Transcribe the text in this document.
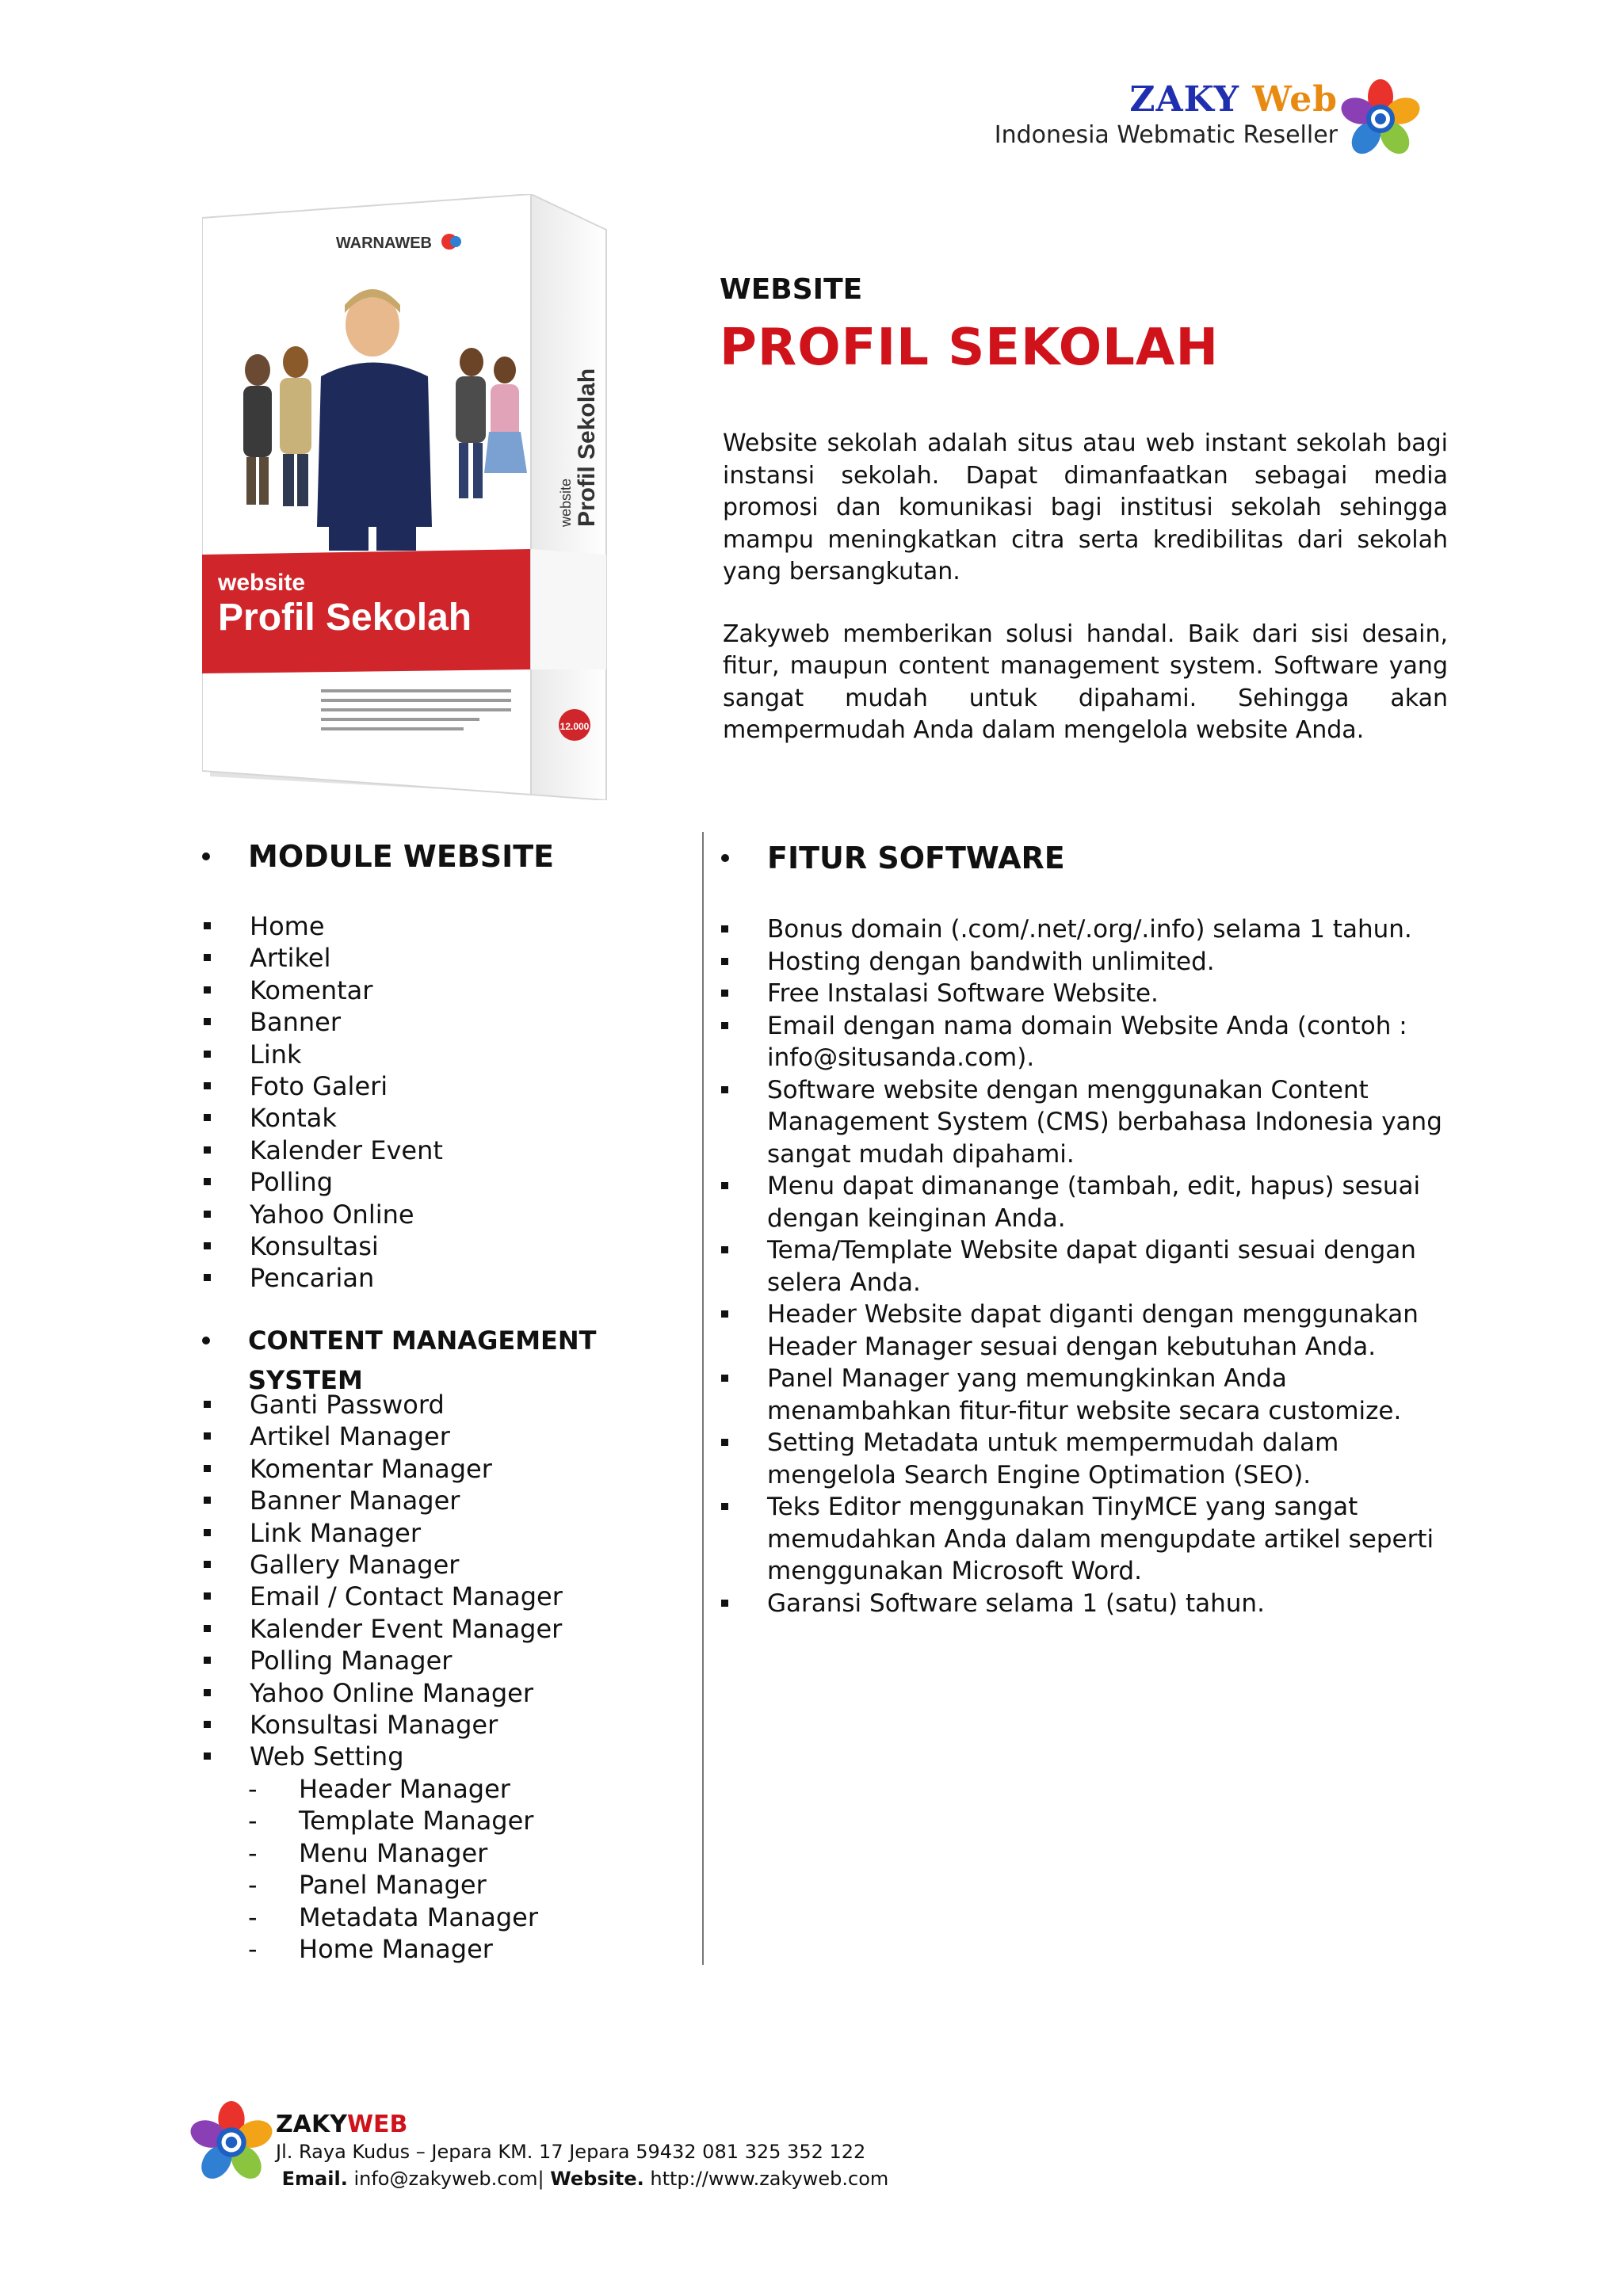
ZAKY Web
Indonesia Webmatic Reseller
WARNAWEB
website
Profil Sekolah
website Profil Sekolah
12.000
WEBSITE
PROFIL SEKOLAH

Website sekolah adalah situs atau web instant sekolah bagi instansi sekolah. Dapat dimanfaatkan sebagai media promosi dan komunikasi bagi institusi sekolah sehingga mampu meningkatkan citra serta kredibilitas dari sekolah yang bersangkutan.

Zakyweb memberikan solusi handal. Baik dari sisi desain, fitur, maupun content management system. Software yang sangat mudah untuk dipahami. Sehingga akan mempermudah Anda dalam mengelola website Anda.

MODULE WEBSITE
Home
Artikel
Komentar
Banner
Link
Foto Galeri
Kontak
Kalender Event
Polling
Yahoo Online
Konsultasi
Pencarian
CONTENT MANAGEMENT SYSTEM
Ganti Password
Artikel Manager
Komentar Manager
Banner Manager
Link Manager
Gallery Manager
Email / Contact Manager
Kalender Event Manager
Polling Manager
Yahoo Online Manager
Konsultasi Manager
Web Setting
- Header Manager
- Template Manager
- Menu Manager
- Panel Manager
- Metadata Manager
- Home Manager
FITUR SOFTWARE
Bonus domain (.com/.net/.org/.info) selama 1 tahun.
Hosting dengan bandwith unlimited.
Free Instalasi Software Website.
Email dengan nama domain Website Anda (contoh :
info@situsanda.com).
Software website dengan menggunakan Content
Management System (CMS) berbahasa Indonesia yang
sangat mudah dipahami.
Menu dapat dimanange (tambah, edit, hapus) sesuai
dengan keinginan Anda.
Tema/Template Website dapat diganti sesuai dengan
selera Anda.
Header Website dapat diganti dengan menggunakan
Header Manager sesuai dengan kebutuhan Anda.
Panel Manager yang memungkinkan Anda
menambahkan fitur-fitur website secara customize.
Setting Metadata untuk mempermudah dalam
mengelola Search Engine Optimation (SEO).
Teks Editor menggunakan TinyMCE yang sangat
memudahkan Anda dalam mengupdate artikel seperti
menggunakan Microsoft Word.
Garansi Software selama 1 (satu) tahun.
ZAKYWEB
Jl. Raya Kudus – Jepara KM. 17 Jepara 59432 081 325 352 122
Email. info@zakyweb.com| Website. http://www.zakyweb.com
